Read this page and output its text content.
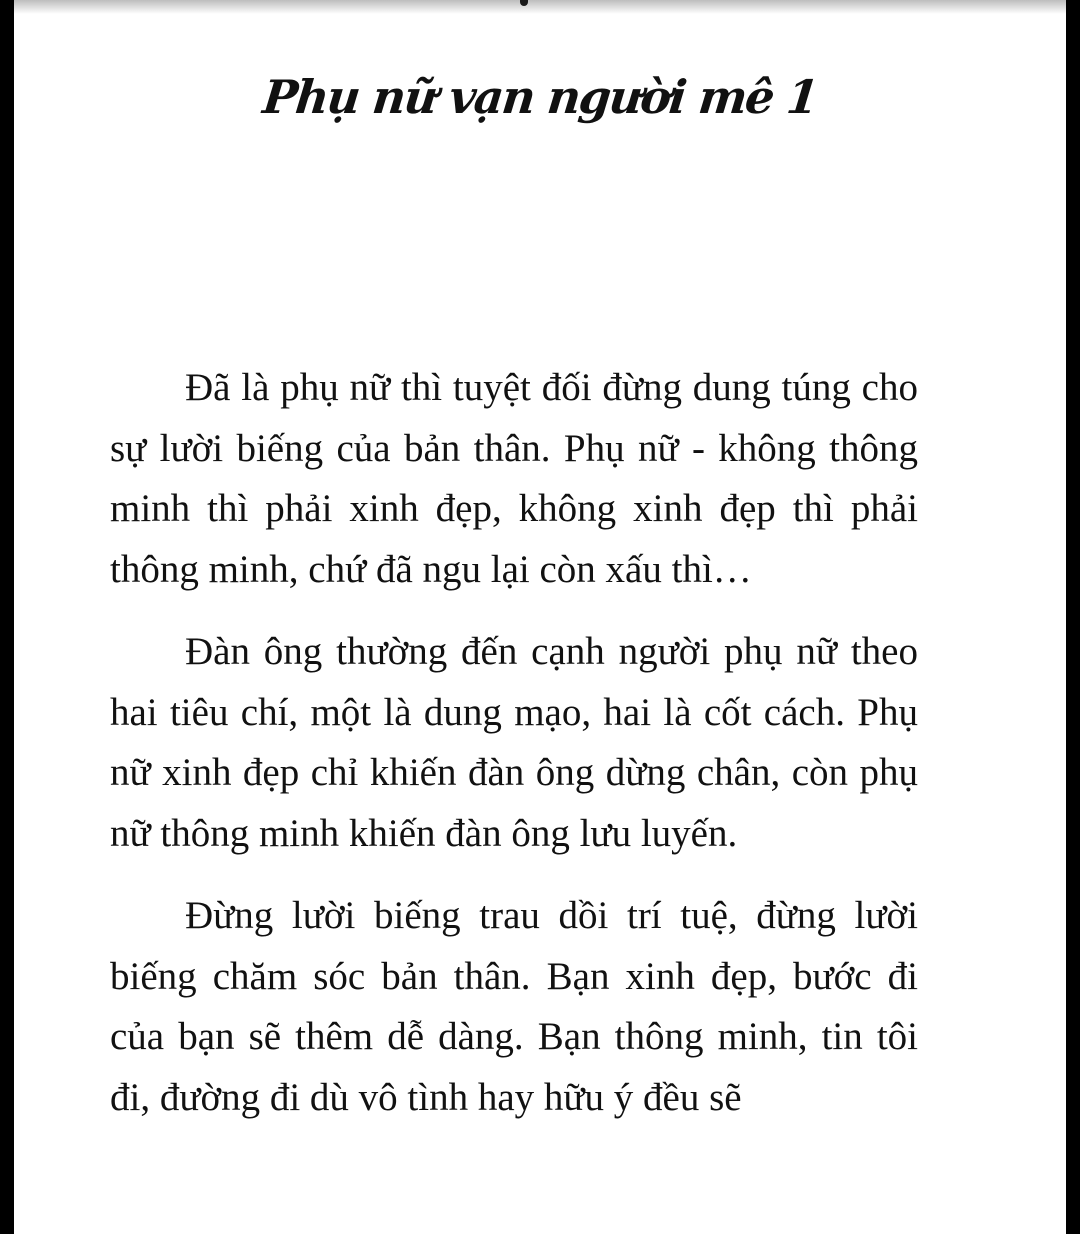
Phụ nữ vạn người mê 1

Đã là phụ nữ thì tuyệt đối đừng dung túng cho sự lười biếng của bản thân. Phụ nữ - không thông minh thì phải xinh đẹp, không xinh đẹp thì phải thông minh, chứ đã ngu lại còn xấu thì…

Đàn ông thường đến cạnh người phụ nữ theo hai tiêu chí, một là dung mạo, hai là cốt cách. Phụ nữ xinh đẹp chỉ khiến đàn ông dừng chân, còn phụ nữ thông minh khiến đàn ông lưu luyến.

Đừng lười biếng trau dồi trí tuệ, đừng lười biếng chăm sóc bản thân. Bạn xinh đẹp, bước đi của bạn sẽ thêm dễ dàng. Bạn thông minh, tin tôi đi, đường đi dù vô tình hay hữu ý đều sẽ
